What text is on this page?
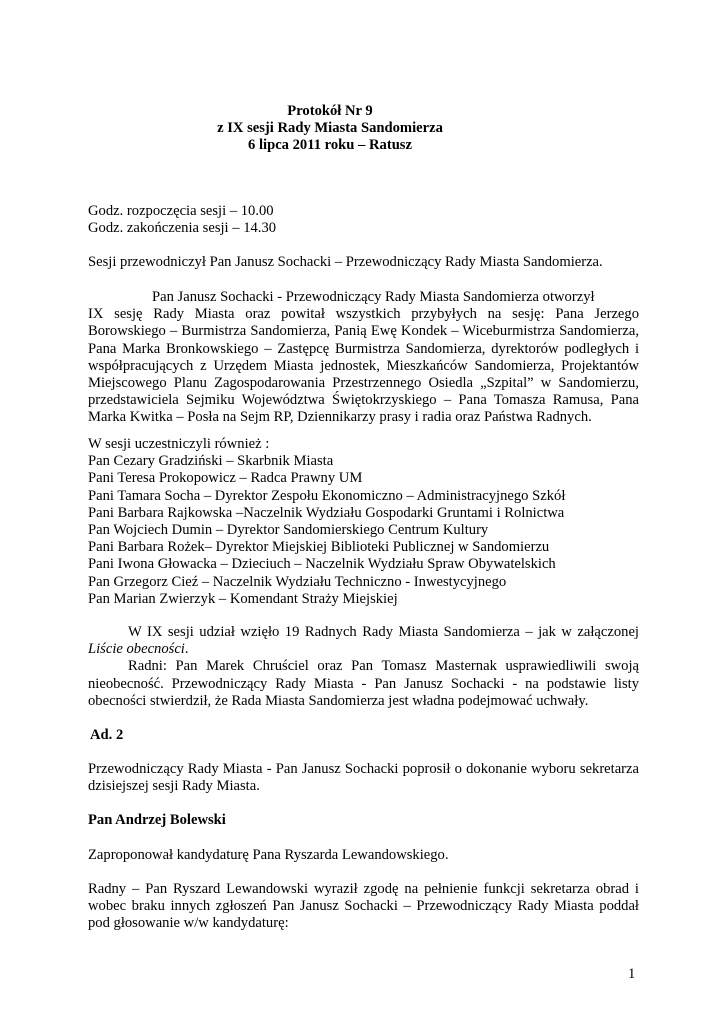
Protokół Nr 9
z IX sesji Rady Miasta Sandomierza
6 lipca 2011 roku – Ratusz
Godz. rozpoczęcia sesji – 10.00
Godz. zakończenia sesji – 14.30
Sesji przewodniczył Pan Janusz Sochacki – Przewodniczący Rady Miasta Sandomierza.
Pan Janusz Sochacki - Przewodniczący Rady Miasta Sandomierza otworzył
IX sesję Rady Miasta oraz powitał wszystkich przybyłych na sesję: Pana Jerzego
Borowskiego – Burmistrza Sandomierza, Panią Ewę Kondek – Wiceburmistrza Sandomierza,
Pana Marka Bronkowskiego – Zastępcę Burmistrza Sandomierza, dyrektorów podległych i
współpracujących z Urzędem Miasta jednostek, Mieszkańców Sandomierza, Projektantów
Miejscowego Planu Zagospodarowania Przestrzennego Osiedla „Szpital” w Sandomierzu,
przedstawiciela Sejmiku Województwa Świętokrzyskiego – Pana Tomasza Ramusa, Pana
Marka Kwitka – Posła na Sejm RP, Dziennikarzy prasy i radia oraz Państwa Radnych.
W sesji uczestniczyli również :
Pan Cezary Gradziński – Skarbnik Miasta
Pani Teresa Prokopowicz – Radca Prawny UM
Pani Tamara Socha – Dyrektor Zespołu Ekonomiczno – Administracyjnego Szkół
Pani Barbara Rajkowska –Naczelnik Wydziału Gospodarki Gruntami i Rolnictwa
Pan Wojciech Dumin – Dyrektor Sandomierskiego Centrum Kultury
Pani Barbara Rożek– Dyrektor Miejskiej Biblioteki Publicznej w Sandomierzu
Pani Iwona Głowacka – Dzieciuch – Naczelnik Wydziału Spraw Obywatelskich
Pan Grzegorz Cieź – Naczelnik Wydziału Techniczno - Inwestycyjnego
Pan Marian Zwierzyk – Komendant Straży Miejskiej
W IX sesji udział wzięło 19 Radnych Rady Miasta Sandomierza – jak w załączonej
Liście obecności.
Radni: Pan Marek Chruściel oraz Pan Tomasz Masternak usprawiedliwili swoją
nieobecność. Przewodniczący Rady Miasta - Pan Janusz Sochacki - na podstawie listy
obecności stwierdził, że Rada Miasta Sandomierza jest władna podejmować uchwały.
Ad. 2
Przewodniczący Rady Miasta - Pan Janusz Sochacki poprosił o dokonanie wyboru sekretarza
dzisiejszej sesji Rady Miasta.
Pan Andrzej Bolewski
Zaproponował kandydaturę Pana Ryszarda Lewandowskiego.
Radny – Pan Ryszard Lewandowski wyraził zgodę na pełnienie funkcji sekretarza obrad i
wobec braku innych zgłoszeń Pan Janusz Sochacki – Przewodniczący Rady Miasta poddał
pod głosowanie w/w kandydaturę:
1
